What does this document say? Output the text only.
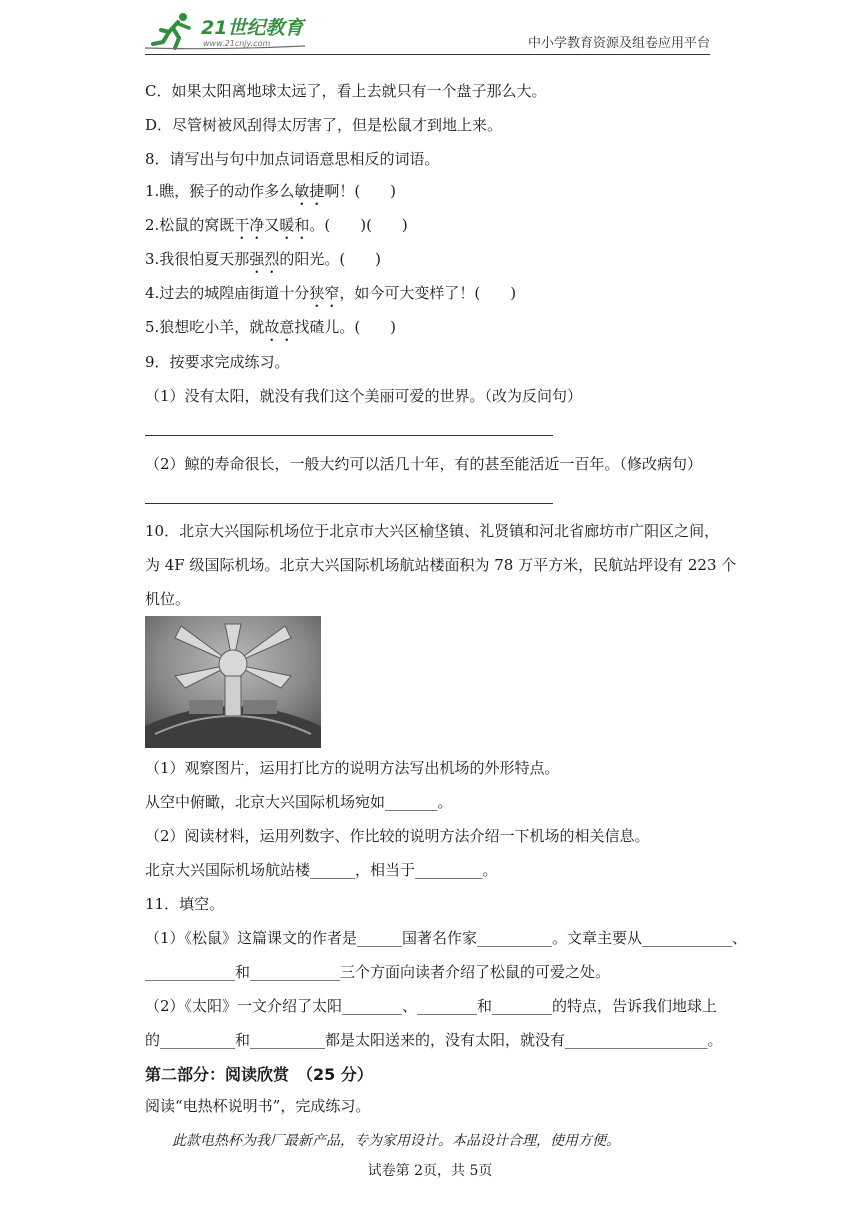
21世纪教育
www.21cnjy.com	中小学教育资源及组卷应用平台
C．如果太阳离地球太远了，看上去就只有一个盘子那么大。
D．尽管树被风刮得太厉害了，但是松鼠才到地上来。
8．请写出与句中加点词语意思相反的词语。
1.瞧，猴子的动作多么敏捷啊！(　　)
2.松鼠的窝既干净又暖和。(　　)(　　)
3.我很怕夏天那强烈的阳光。(　　)
4.过去的城隍庙街道十分狭窄，如今可大变样了！(　　)
5.狼想吃小羊，就故意找碴儿。(　　)
9．按要求完成练习。
（1）没有太阳，就没有我们这个美丽可爱的世界。（改为反问句）
（2）鲸的寿命很长，一般大约可以活几十年，有的甚至能活近一百年。（修改病句）
10．北京大兴国际机场位于北京市大兴区榆垡镇、礼贤镇和河北省廊坊市广阳区之间，
为 4F 级国际机场。北京大兴国际机场航站楼面积为 78 万平方米，民航站坪设有 223 个
机位。
（1）观察图片，运用打比方的说明方法写出机场的外形特点。
从空中俯瞰，北京大兴国际机场宛如_______。
（2）阅读材料，运用列数字、作比较的说明方法介绍一下机场的相关信息。
北京大兴国际机场航站楼______，相当于_________。
11．填空。
（1）《松鼠》这篇课文的作者是______国著名作家__________。文章主要从____________、
____________和____________三个方面向读者介绍了松鼠的可爱之处。
（2）《太阳》一文介绍了太阳________、________和________的特点，告诉我们地球上
的__________和__________都是太阳送来的，没有太阳，就没有___________________。
第二部分：阅读欣赏　（25 分）
阅读“电热杯说明书”，完成练习。
此款电热杯为我厂最新产品，专为家用设计。本品设计合理，使用方便。
试卷第 2页，共 5页
